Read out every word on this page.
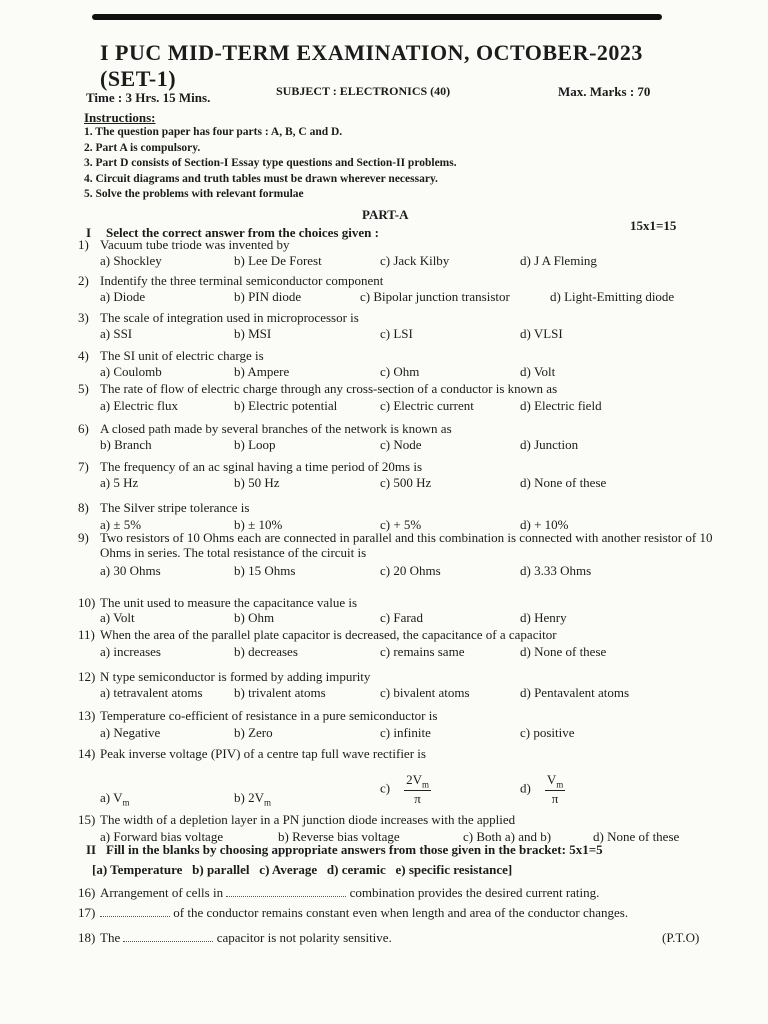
I PUC MID-TERM EXAMINATION, OCTOBER-2023 (SET-1)
Time : 3 Hrs. 15 Mins.	SUBJECT : ELECTRONICS (40)	Max. Marks : 70
Instructions:
1. The question paper has four parts : A, B, C and D.
2. Part A is compulsory.
3. Part D consists of Section-I Essay type questions and Section-II problems.
4. Circuit diagrams and truth tables must be drawn wherever necessary.
5. Solve the problems with relevant formulae
PART-A
I Select the correct answer from the choices given :	15x1=15
1) Vacuum tube triode was invented by
a) Shockley	b) Lee De Forest	c) Jack Kilby	d) J A Fleming
2) Indentify the three terminal semiconductor component
a) Diode	b) PIN diode	c) Bipolar junction transistor	d) Light-Emitting diode
3) The scale of integration used in microprocessor is
a) SSI	b) MSI	c) LSI	d) VLSI
4) The SI unit of electric charge is
a) Coulomb	b) Ampere	c) Ohm	d) Volt
5) The rate of flow of electric charge through any cross-section of a conductor is known as
a) Electric flux	b) Electric potential	c) Electric current	d) Electric field
6) A closed path made by several branches of the network is known as
b) Branch	b) Loop	c) Node	d) Junction
7) The frequency of an ac sginal having a time period of 20ms is
a) 5 Hz	b) 50 Hz	c) 500 Hz	d) None of these
8) The Silver stripe tolerance is
a) ± 5%	b) ± 10%	c) + 5%	d) + 10%
9) Two resistors of 10 Ohms each are connected in parallel and this combination is connected with another resistor of 10 Ohms in series. The total resistance of the circuit is
a) 30 Ohms	b) 15 Ohms	c) 20 Ohms	d) 3.33 Ohms
10) The unit used to measure the capacitance value is
a) Volt	b) Ohm	c) Farad	d) Henry
11) When the area of the parallel plate capacitor is decreased, the capacitance of a capacitor
a) increases	b) decreases	c) remains same	d) None of these
12) N type semiconductor is formed by adding impurity
a) tetravalent atoms b) trivalent atoms	c) bivalent atoms	d) Pentavalent atoms
13) Temperature co-efficient of resistance in a pure semiconductor is
a) Negative	b) Zero	c) infinite	c) positive
14) Peak inverse voltage (PIV) of a centre tap full wave rectifier is
a) $V_m$	b) $2V_m$
$c) \frac{2V_m}{\pi}$	$d) \frac{V_m}{\pi}$
15) The width of a depletion layer in a PN junction diode increases with the applied
a) Forward bias voltage	b) Reverse bias voltage	c) Both a) and b)	d) None of these
II Fill in the blanks by choosing appropriate answers from those given in the bracket: 5x1=5
[a) Temperature   b) parallel   c) Average   d) ceramic   e) specific resistance]
16) Arrangement of cells in	combination provides the desired current rating.
17)	of the conductor remains constant even when length and area of the conductor changes.
18) The	capacitor is not polarity sensitive.	(P.T.O)
